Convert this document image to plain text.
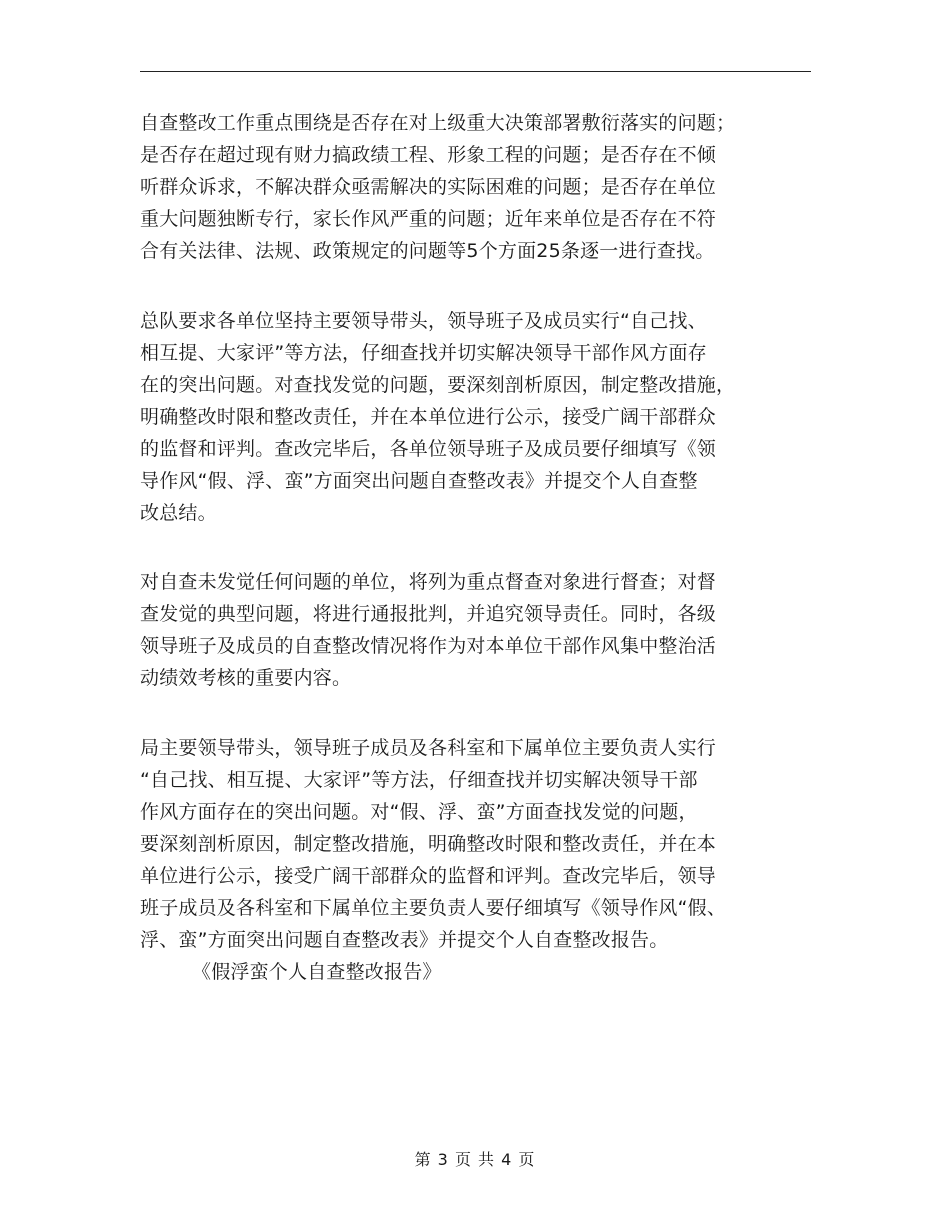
自查整改工作重点围绕是否存在对上级重大决策部署敷衍落实的问题；
是否存在超过现有财力搞政绩工程、形象工程的问题；是否存在不倾
听群众诉求，不解决群众亟需解决的实际困难的问题；是否存在单位
重大问题独断专行，家长作风严重的问题；近年来单位是否存在不符
合有关法律、法规、政策规定的问题等5个方面25条逐一进行查找。
总队要求各单位坚持主要领导带头，领导班子及成员实行“自己找、
相互提、大家评”等方法，仔细查找并切实解决领导干部作风方面存
在的突出问题。对查找发觉的问题，要深刻剖析原因，制定整改措施，
明确整改时限和整改责任，并在本单位进行公示，接受广阔干部群众
的监督和评判。查改完毕后，各单位领导班子及成员要仔细填写《领
导作风“假、浮、蛮”方面突出问题自查整改表》并提交个人自查整
改总结。
对自查未发觉任何问题的单位，将列为重点督查对象进行督查；对督
查发觉的典型问题，将进行通报批判，并追究领导责任。同时，各级
领导班子及成员的自查整改情况将作为对本单位干部作风集中整治活
动绩效考核的重要内容。
局主要领导带头，领导班子成员及各科室和下属单位主要负责人实行
“自己找、相互提、大家评”等方法，仔细查找并切实解决领导干部
作风方面存在的突出问题。对“假、浮、蛮”方面查找发觉的问题，
要深刻剖析原因，制定整改措施，明确整改时限和整改责任，并在本
单位进行公示，接受广阔干部群众的监督和评判。查改完毕后，领导
班子成员及各科室和下属单位主要负责人要仔细填写《领导作风“假、
浮、蛮”方面突出问题自查整改表》并提交个人自查整改报告。
《假浮蛮个人自查整改报告》
第 3 页 共 4 页
